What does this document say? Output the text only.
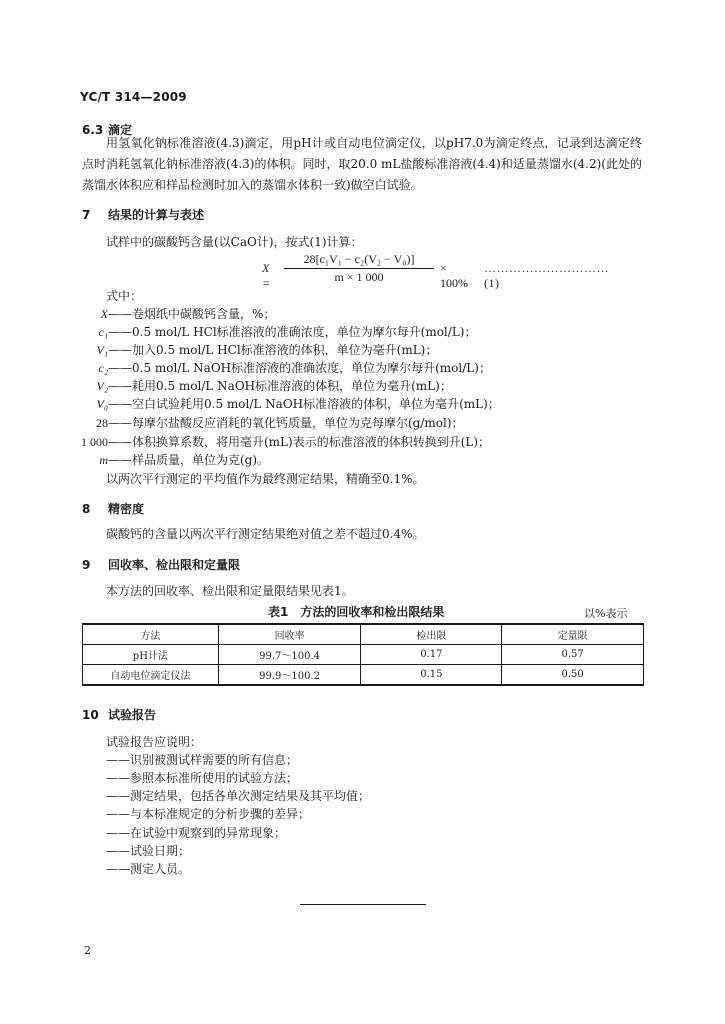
YC/T 314—2009
6.3 滴定
用氢氧化钠标准溶液(4.3)滴定，用pH计或自动电位滴定仪，以pH7.0为滴定终点，记录到达滴定终点时消耗氢氧化钠标准溶液(4.3)的体积。同时，取20.0 mL盐酸标准溶液(4.4)和适量蒸馏水(4.2)(此处的蒸馏水体积应和样品检测时加入的蒸馏水体积一致)做空白试验。
7 结果的计算与表述
试样中的碳酸钙含量(以CaO计)，按式(1)计算：
$X = \frac{\text{28[c₁V₁ − c₂(V₂ − V₀)]}}{m \times 1 000} \times 100\%$
…………………………(1)
式中：
X——卷烟纸中碳酸钙含量，%；
c₁——0.5 mol/L HCl标准溶液的准确浓度，单位为摩尔每升(mol/L)；
V₁——加入0.5 mol/L HCl标准溶液的体积，单位为毫升(mL)；
c₂——0.5 mol/L NaOH标准溶液的准确浓度，单位为摩尔每升(mol/L)；
V₂——耗用0.5 mol/L NaOH标准溶液的体积，单位为毫升(mL)；
V₀——空白试验耗用0.5 mol/L NaOH标准溶液的体积，单位为毫升(mL)；
28——每摩尔盐酸反应消耗的氧化钙质量，单位为克每摩尔(g/mol)；
1 000——体积换算系数，将用毫升(mL)表示的标准溶液的体积转换到升(L)；
m——样品质量，单位为克(g)。
以两次平行测定的平均值作为最终测定结果，精确至0.1%。
8 精密度
碳酸钙的含量以两次平行测定结果绝对值之差不超过0.4%。
9 回收率、检出限和定量限
本方法的回收率、检出限和定量限结果见表1。
表1　方法的回收率和检出限结果	以%表示
方法	回收率	检出限	定量限
pH计法	99.7～100.4	0.17	0.57
自动电位滴定仪法	99.9～100.2	0.15	0.50
10 试验报告
试验报告应说明：
——识别被测试样需要的所有信息；
——参照本标准所使用的试验方法；
——测定结果，包括各单次测定结果及其平均值；
——与本标准规定的分析步骤的差异；
——在试验中观察到的异常现象；
——试验日期；
——测定人员。
2
